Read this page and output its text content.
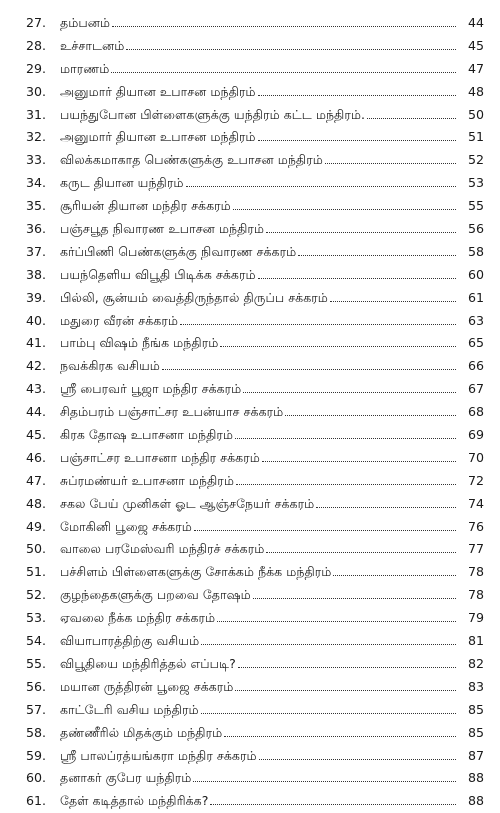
27.	தம்பனம்	44
28.	உச்சாடனம்	45
29.	மாரணம்	47
30.	அனுமார் தியான உபாசன மந்திரம்	48
31.	பயந்துபோன பிள்ளைகளுக்கு யந்திரம் கட்ட மந்திரம்.	50
32.	அனுமார் தியான உபாசன மந்திரம்	51
33.	விலக்கமாகாத பெண்களுக்கு உபாசன மந்திரம்	52
34.	கருட தியான யந்திரம்	53
35.	சூரியன் தியான மந்திர சக்கரம்	55
36.	பஞ்சபூத நிவாரண உபாசன மந்திரம்	56
37.	கர்ப்பிணி பெண்களுக்கு நிவாரண சக்கரம்	58
38.	பயந்தெளிய விபூதி பிடிக்க சக்கரம்	60
39.	பில்லி, சூன்யம் வைத்திருந்தால் திருப்ப சக்கரம்	61
40.	மதுரை வீரன் சக்கரம்	63
41.	பாம்பு விஷம் நீங்க மந்திரம்	65
42.	நவக்கிரக வசியம்	66
43.	ஸ்ரீ பைரவர் பூஜா மந்திர சக்கரம்	67
44.	சிதம்பரம் பஞ்சாட்சர உபன்யாச சக்கரம்	68
45.	கிரக தோஷ உபாசனா மந்திரம்	69
46.	பஞ்சாட்சர உபாசனா மந்திர சக்கரம்	70
47.	சுப்ரமண்யர் உபாசனா மந்திரம்	72
48.	சகல பேய் முனிகள் ஓட ஆஞ்சநேயர் சக்கரம்	74
49.	மோகினி பூஜை சக்கரம்	76
50.	வாலை பரமேஸ்வரி மந்திரச் சக்கரம்	77
51.	பச்சிளம் பிள்ளைகளுக்கு சோக்கம் நீக்க மந்திரம்	78
52.	குழந்தைகளுக்கு பறவை தோஷம்	78
53.	ஏவலை நீக்க மந்திர சக்கரம்	79
54.	வியாபாரத்திற்கு வசியம்	81
55.	விபூதியை மந்திரித்தல் எப்படி?	82
56.	மயான ருத்திரன் பூஜை சக்கரம்	83
57.	காட்டேரி வசிய மந்திரம்	85
58.	தண்ணீரில் மிதக்கும் மந்திரம்	85
59.	ஸ்ரீ பாலப்ரத்யங்கரா மந்திர சக்கரம்	87
60.	தனாகர் குபேர யந்திரம்	88
61.	தேள் கடித்தால் மந்திரிக்க?	88
